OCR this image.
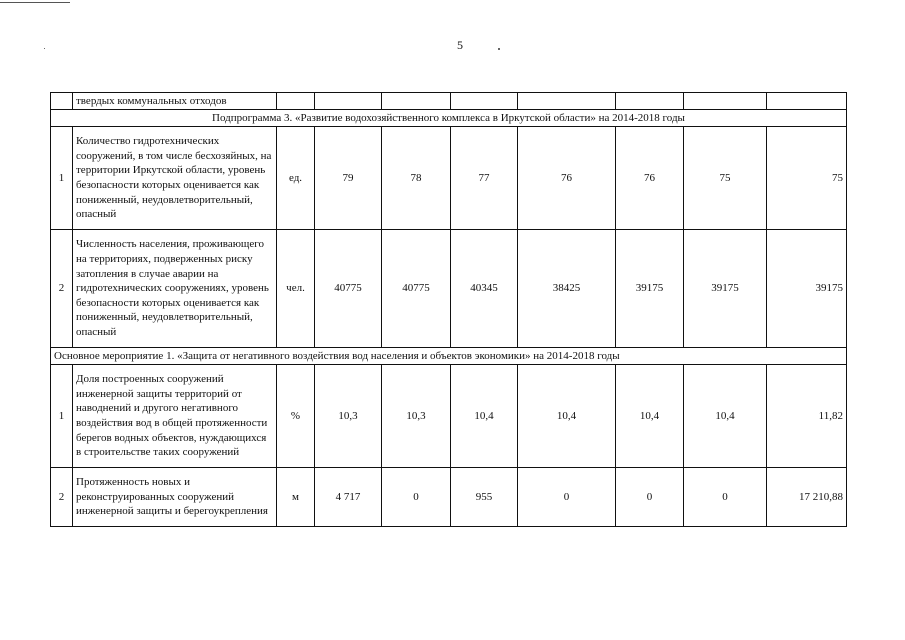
5
	твердых коммунальных отходов								
Подпрограмма 3. «Развитие водохозяйственного комплекса в Иркутской области» на 2014-2018 годы									
1	Количество гидротехнических сооружений, в том числе бесхозяйных, на территории Иркутской области, уровень безопасности которых оценивается как пониженный, неудовлетворительный, опасный	ед.	79	78	77	76	76	75	75
2	Численность населения, проживающего на территориях, подверженных риску затопления в случае аварии на гидротехнических сооружениях, уровень безопасности которых оценивается как пониженный, неудовлетворительный, опасный	чел.	40775	40775	40345	38425	39175	39175	39175
Основное мероприятие 1. «Защита от негативного воздействия вод населения и объектов экономики» на 2014-2018 годы									
1	Доля построенных сооружений инженерной защиты территорий от наводнений и другого негативного воздействия вод в общей протяженности берегов водных объектов, нуждающихся в строительстве таких сооружений	%	10,3	10,3	10,4	10,4	10,4	10,4	11,82
2	Протяженность новых и реконструированных сооружений инженерной защиты и берегоукрепления	м	4 717	0	955	0	0	0	17 210,88
